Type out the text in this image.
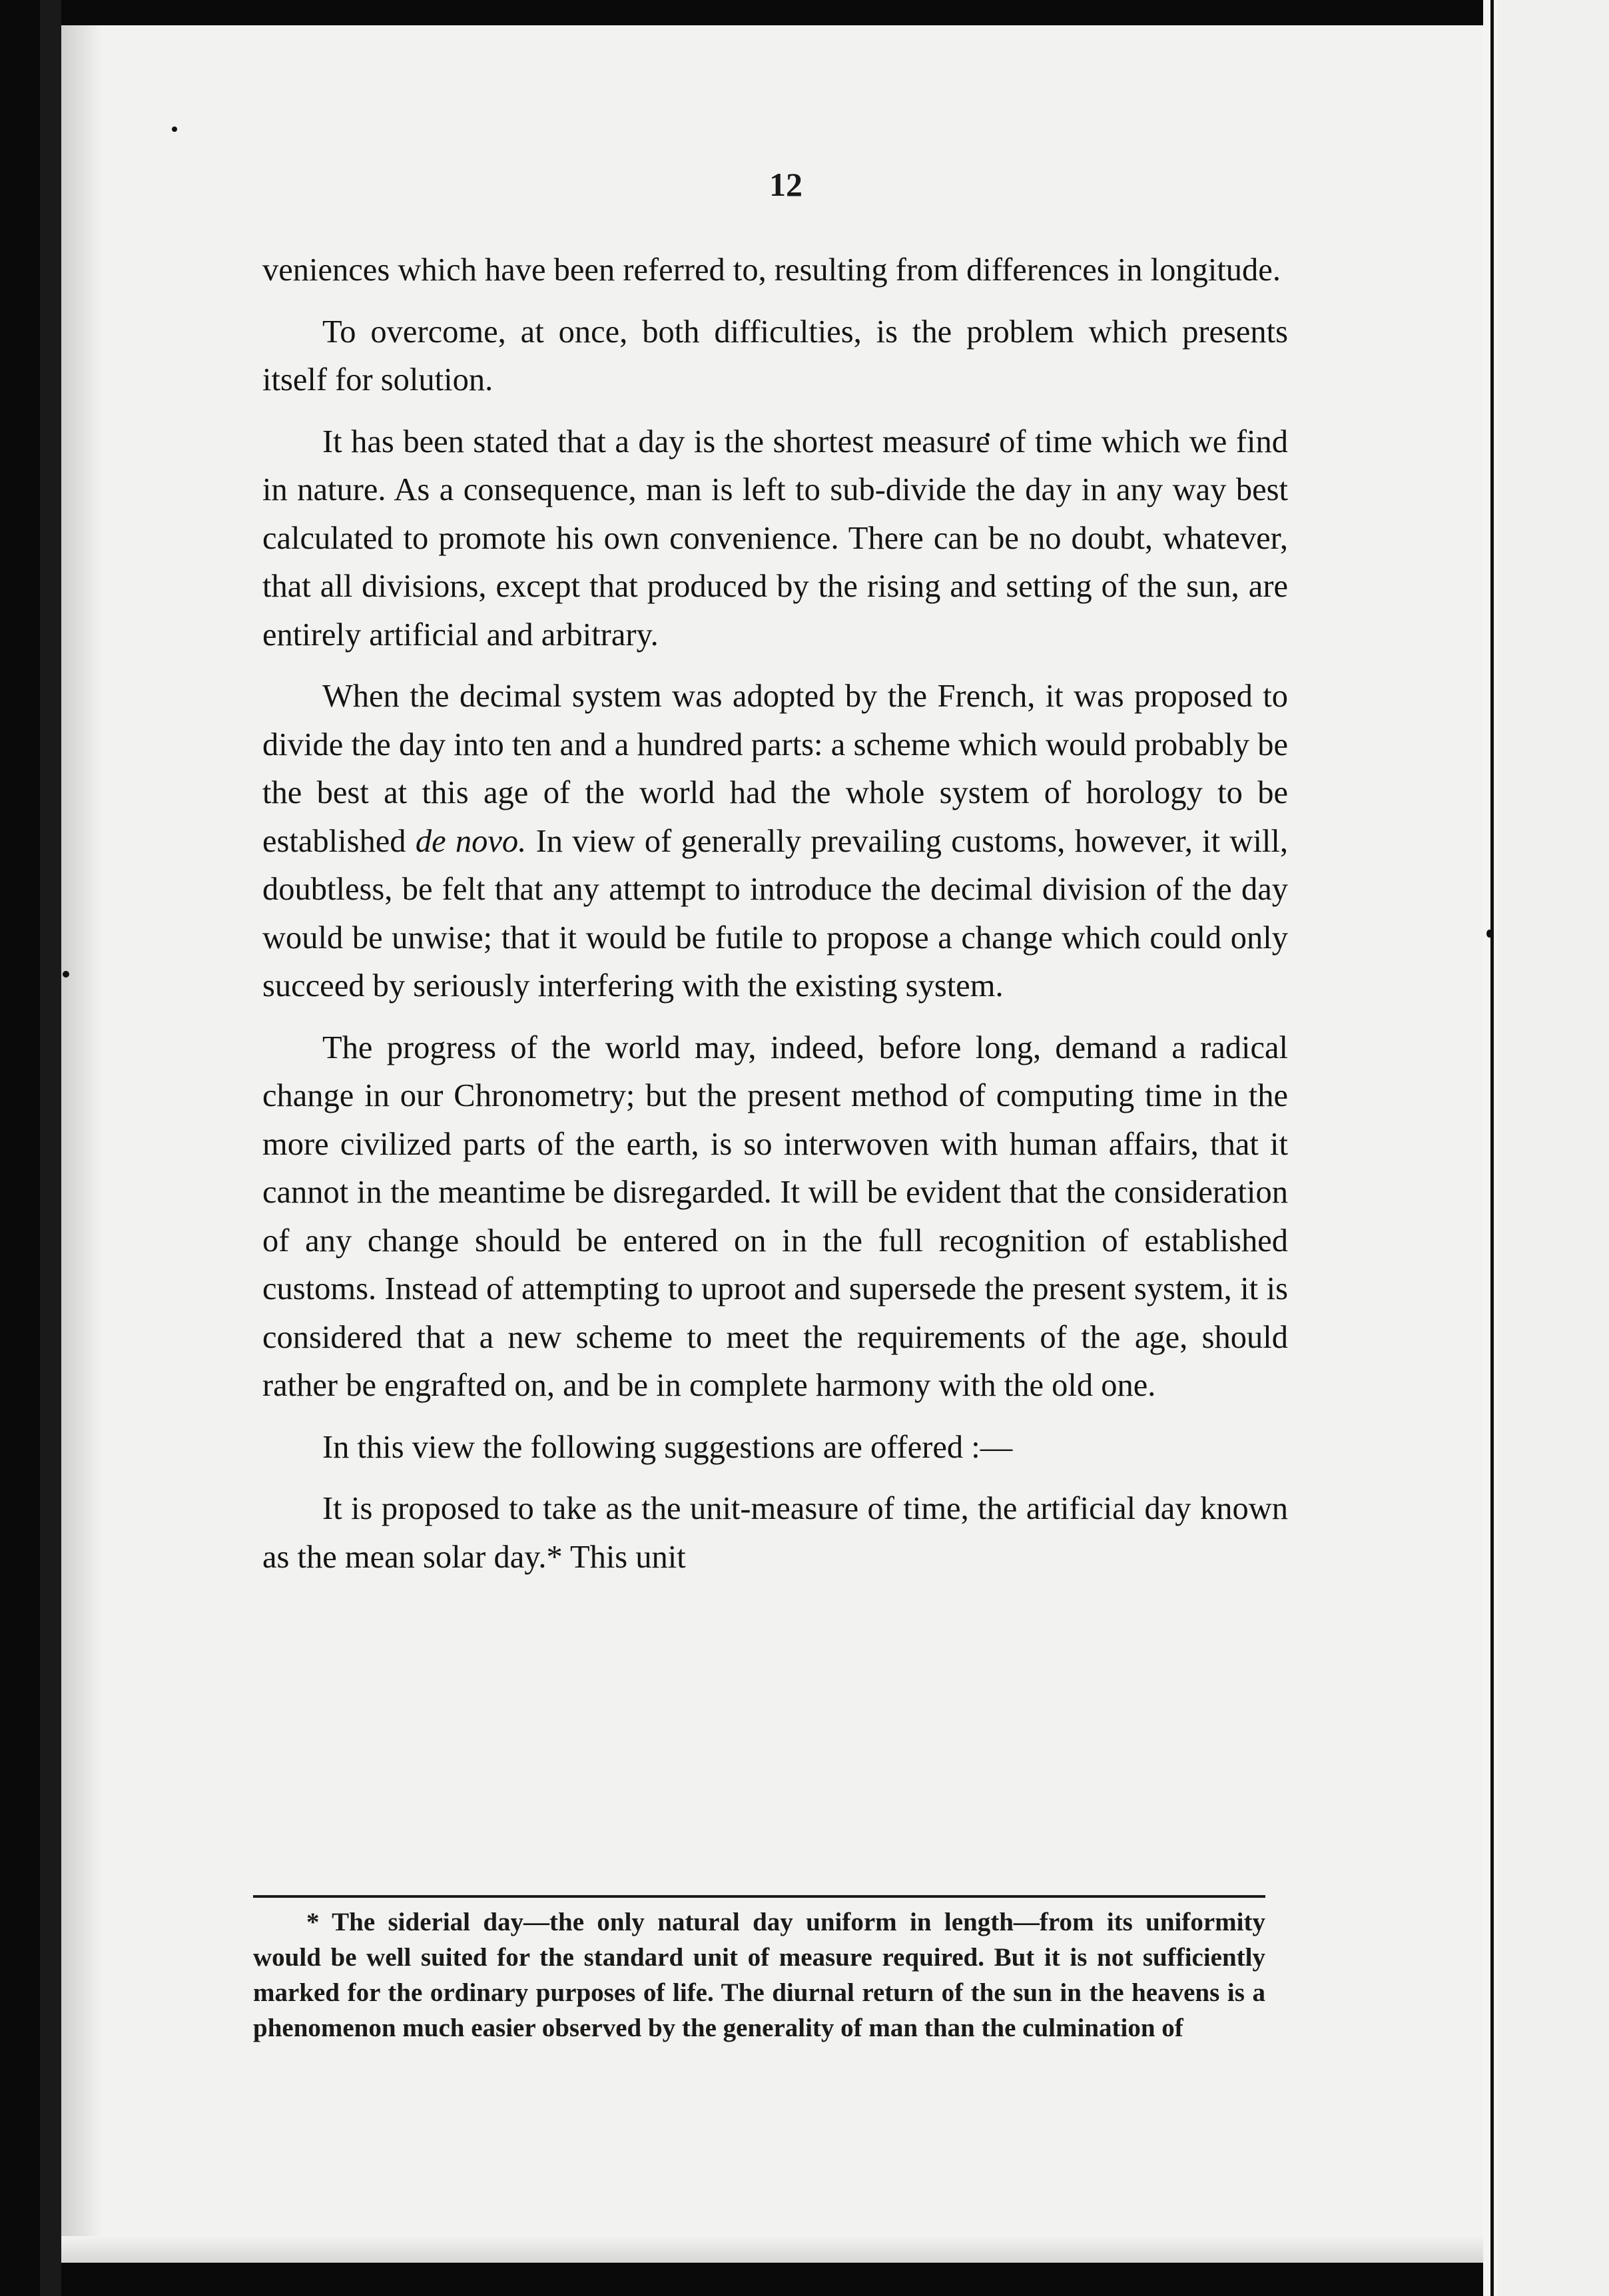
12

veniences which have been referred to, resulting from differences in longitude.

To overcome, at once, both difficulties, is the problem which presents itself for solution.

It has been stated that a day is the shortest measure of time which we find in nature. As a consequence, man is left to sub-divide the day in any way best calculated to promote his own convenience. There can be no doubt, whatever, that all divisions, except that produced by the rising and setting of the sun, are entirely artificial and arbitrary.

When the decimal system was adopted by the French, it was proposed to divide the day into ten and a hundred parts: a scheme which would probably be the best at this age of the world had the whole system of horology to be established de novo. In view of generally prevailing customs, however, it will, doubtless, be felt that any attempt to introduce the decimal division of the day would be unwise; that it would be futile to propose a change which could only succeed by seriously interfering with the existing system.

The progress of the world may, indeed, before long, demand a radical change in our Chronometry; but the present method of computing time in the more civilized parts of the earth, is so interwoven with human affairs, that it cannot in the meantime be disregarded. It will be evident that the consideration of any change should be entered on in the full recognition of established customs. Instead of attempting to uproot and supersede the present system, it is considered that a new scheme to meet the requirements of the age, should rather be engrafted on, and be in complete harmony with the old one.

In this view the following suggestions are offered :—

It is proposed to take as the unit-measure of time, the artificial day known as the mean solar day.* This unit

* The siderial day—the only natural day uniform in length—from its uniformity would be well suited for the standard unit of measure required. But it is not sufficiently marked for the ordinary purposes of life. The diurnal return of the sun in the heavens is a phenomenon much easier observed by the generality of man than the culmination of
